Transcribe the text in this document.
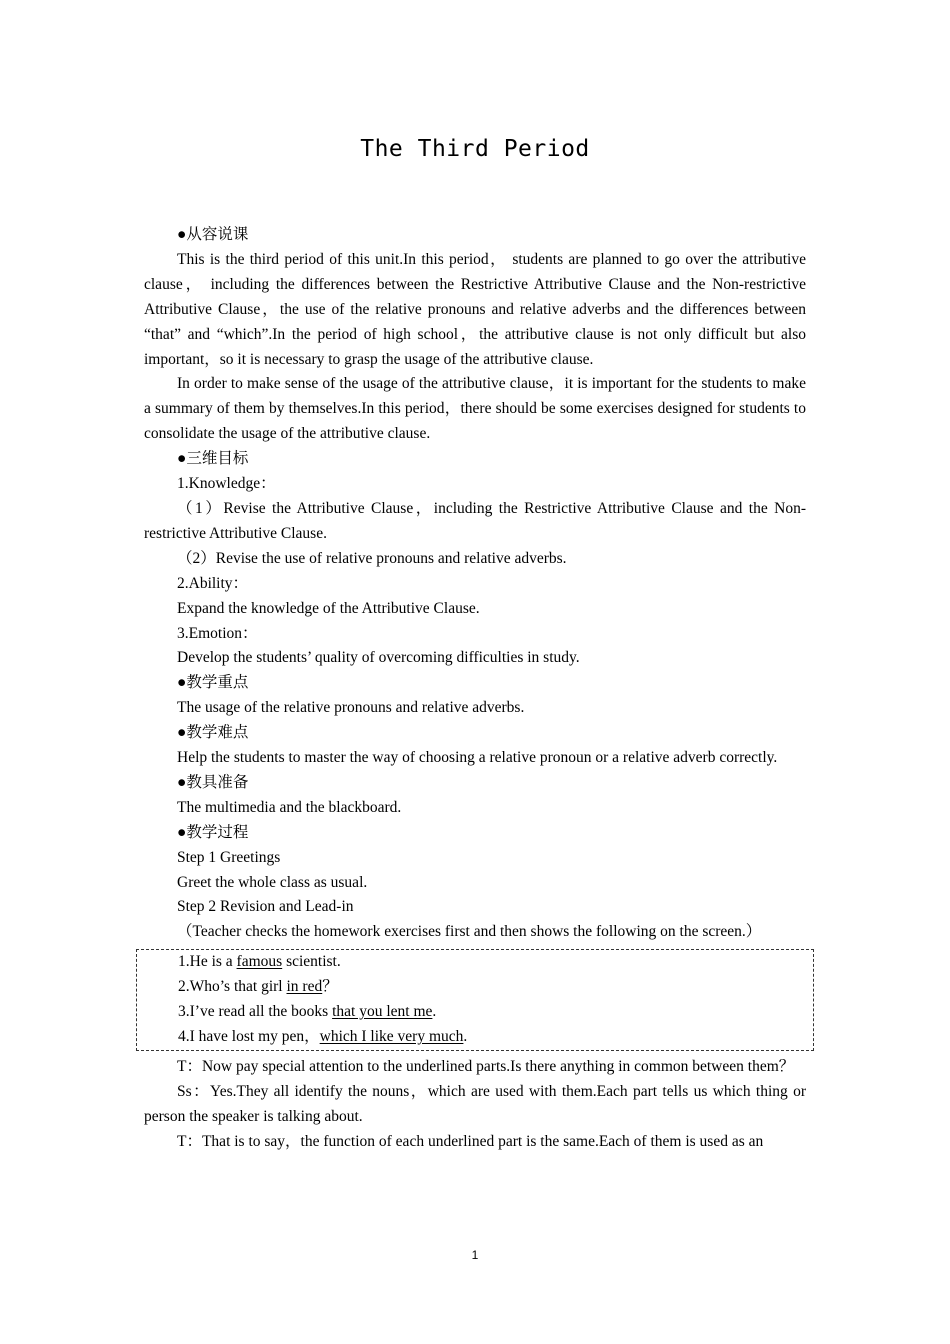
The Third Period

●从容说课

This is the third period of this unit.In this period， students are planned to go over the attributive clause， including the differences between the Restrictive Attributive Clause and the Non-restrictive Attributive Clause，the use of the relative pronouns and relative adverbs and the differences between “that” and “which”.In the period of high school，the attributive clause is not only difficult but also important，so it is necessary to grasp the usage of the attributive clause.

In order to make sense of the usage of the attributive clause，it is important for the students to make a summary of them by themselves.In this period，there should be some exercises designed for students to consolidate the usage of the attributive clause.

●三维目标

1.Knowledge：

（1）Revise the Attributive Clause，including the Restrictive Attributive Clause and the Non-restrictive Attributive Clause.

（2）Revise the use of relative pronouns and relative adverbs.

2.Ability：

Expand the knowledge of the Attributive Clause.

3.Emotion：

Develop the students’ quality of overcoming difficulties in study.

●教学重点

The usage of the relative pronouns and relative adverbs.

●教学难点

Help the students to master the way of choosing a relative pronoun or a relative adverb correctly.

●教具准备

The multimedia and the blackboard.

●教学过程

Step 1 Greetings

Greet the whole class as usual.

Step 2 Revision and Lead-in

（Teacher checks the homework exercises first and then shows the following on the screen.）

1.He is a famous scientist.

2.Who’s that girl in red？

3.I’ve read all the books that you lent me.

4.I have lost my pen，which I like very much.

T：Now pay special attention to the underlined parts.Is there anything in common between them？

Ss：Yes.They all identify the nouns，which are used with them.Each part tells us which thing or person the speaker is talking about.

T：That is to say，the function of each underlined part is the same.Each of them is used as an

1
